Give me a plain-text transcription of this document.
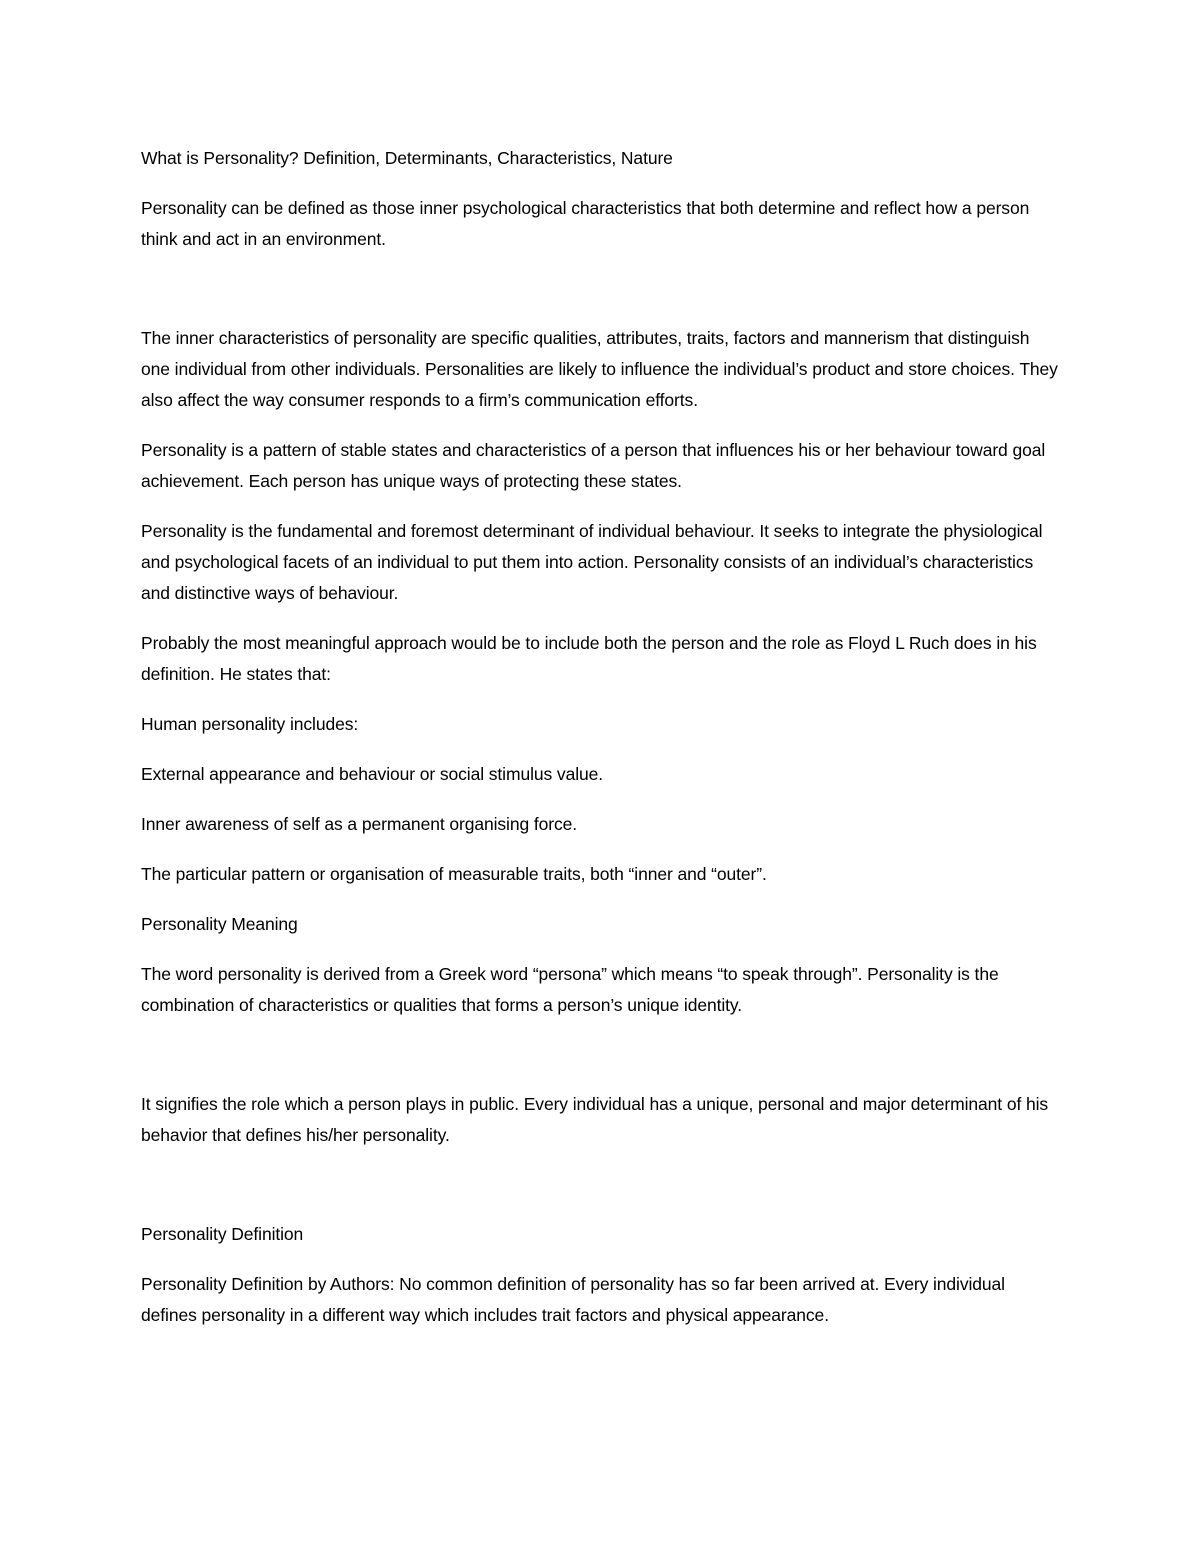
What is Personality? Definition, Determinants, Characteristics, Nature

Personality can be defined as those inner psychological characteristics that both determine and reflect how a person think and act in an environment.

The inner characteristics of personality are specific qualities, attributes, traits, factors and mannerism that distinguish one individual from other individuals. Personalities are likely to influence the individual’s product and store choices. They also affect the way consumer responds to a firm’s communication efforts.

Personality is a pattern of stable states and characteristics of a person that influences his or her behaviour toward goal achievement. Each person has unique ways of protecting these states.

Personality is the fundamental and foremost determinant of individual behaviour. It seeks to integrate the physiological and psychological facets of an individual to put them into action. Personality consists of an individual’s characteristics and distinctive ways of behaviour.

Probably the most meaningful approach would be to include both the person and the role as Floyd L Ruch does in his definition. He states that:

Human personality includes:

External appearance and behaviour or social stimulus value.

Inner awareness of self as a permanent organising force.

The particular pattern or organisation of measurable traits, both “inner and “outer”.

Personality Meaning

The word personality is derived from a Greek word “persona” which means “to speak through”. Personality is the combination of characteristics or qualities that forms a person’s unique identity.

It signifies the role which a person plays in public. Every individual has a unique, personal and major determinant of his behavior that defines his/her personality.

Personality Definition

Personality Definition by Authors: No common definition of personality has so far been arrived at. Every individual defines personality in a different way which includes trait factors and physical appearance.
